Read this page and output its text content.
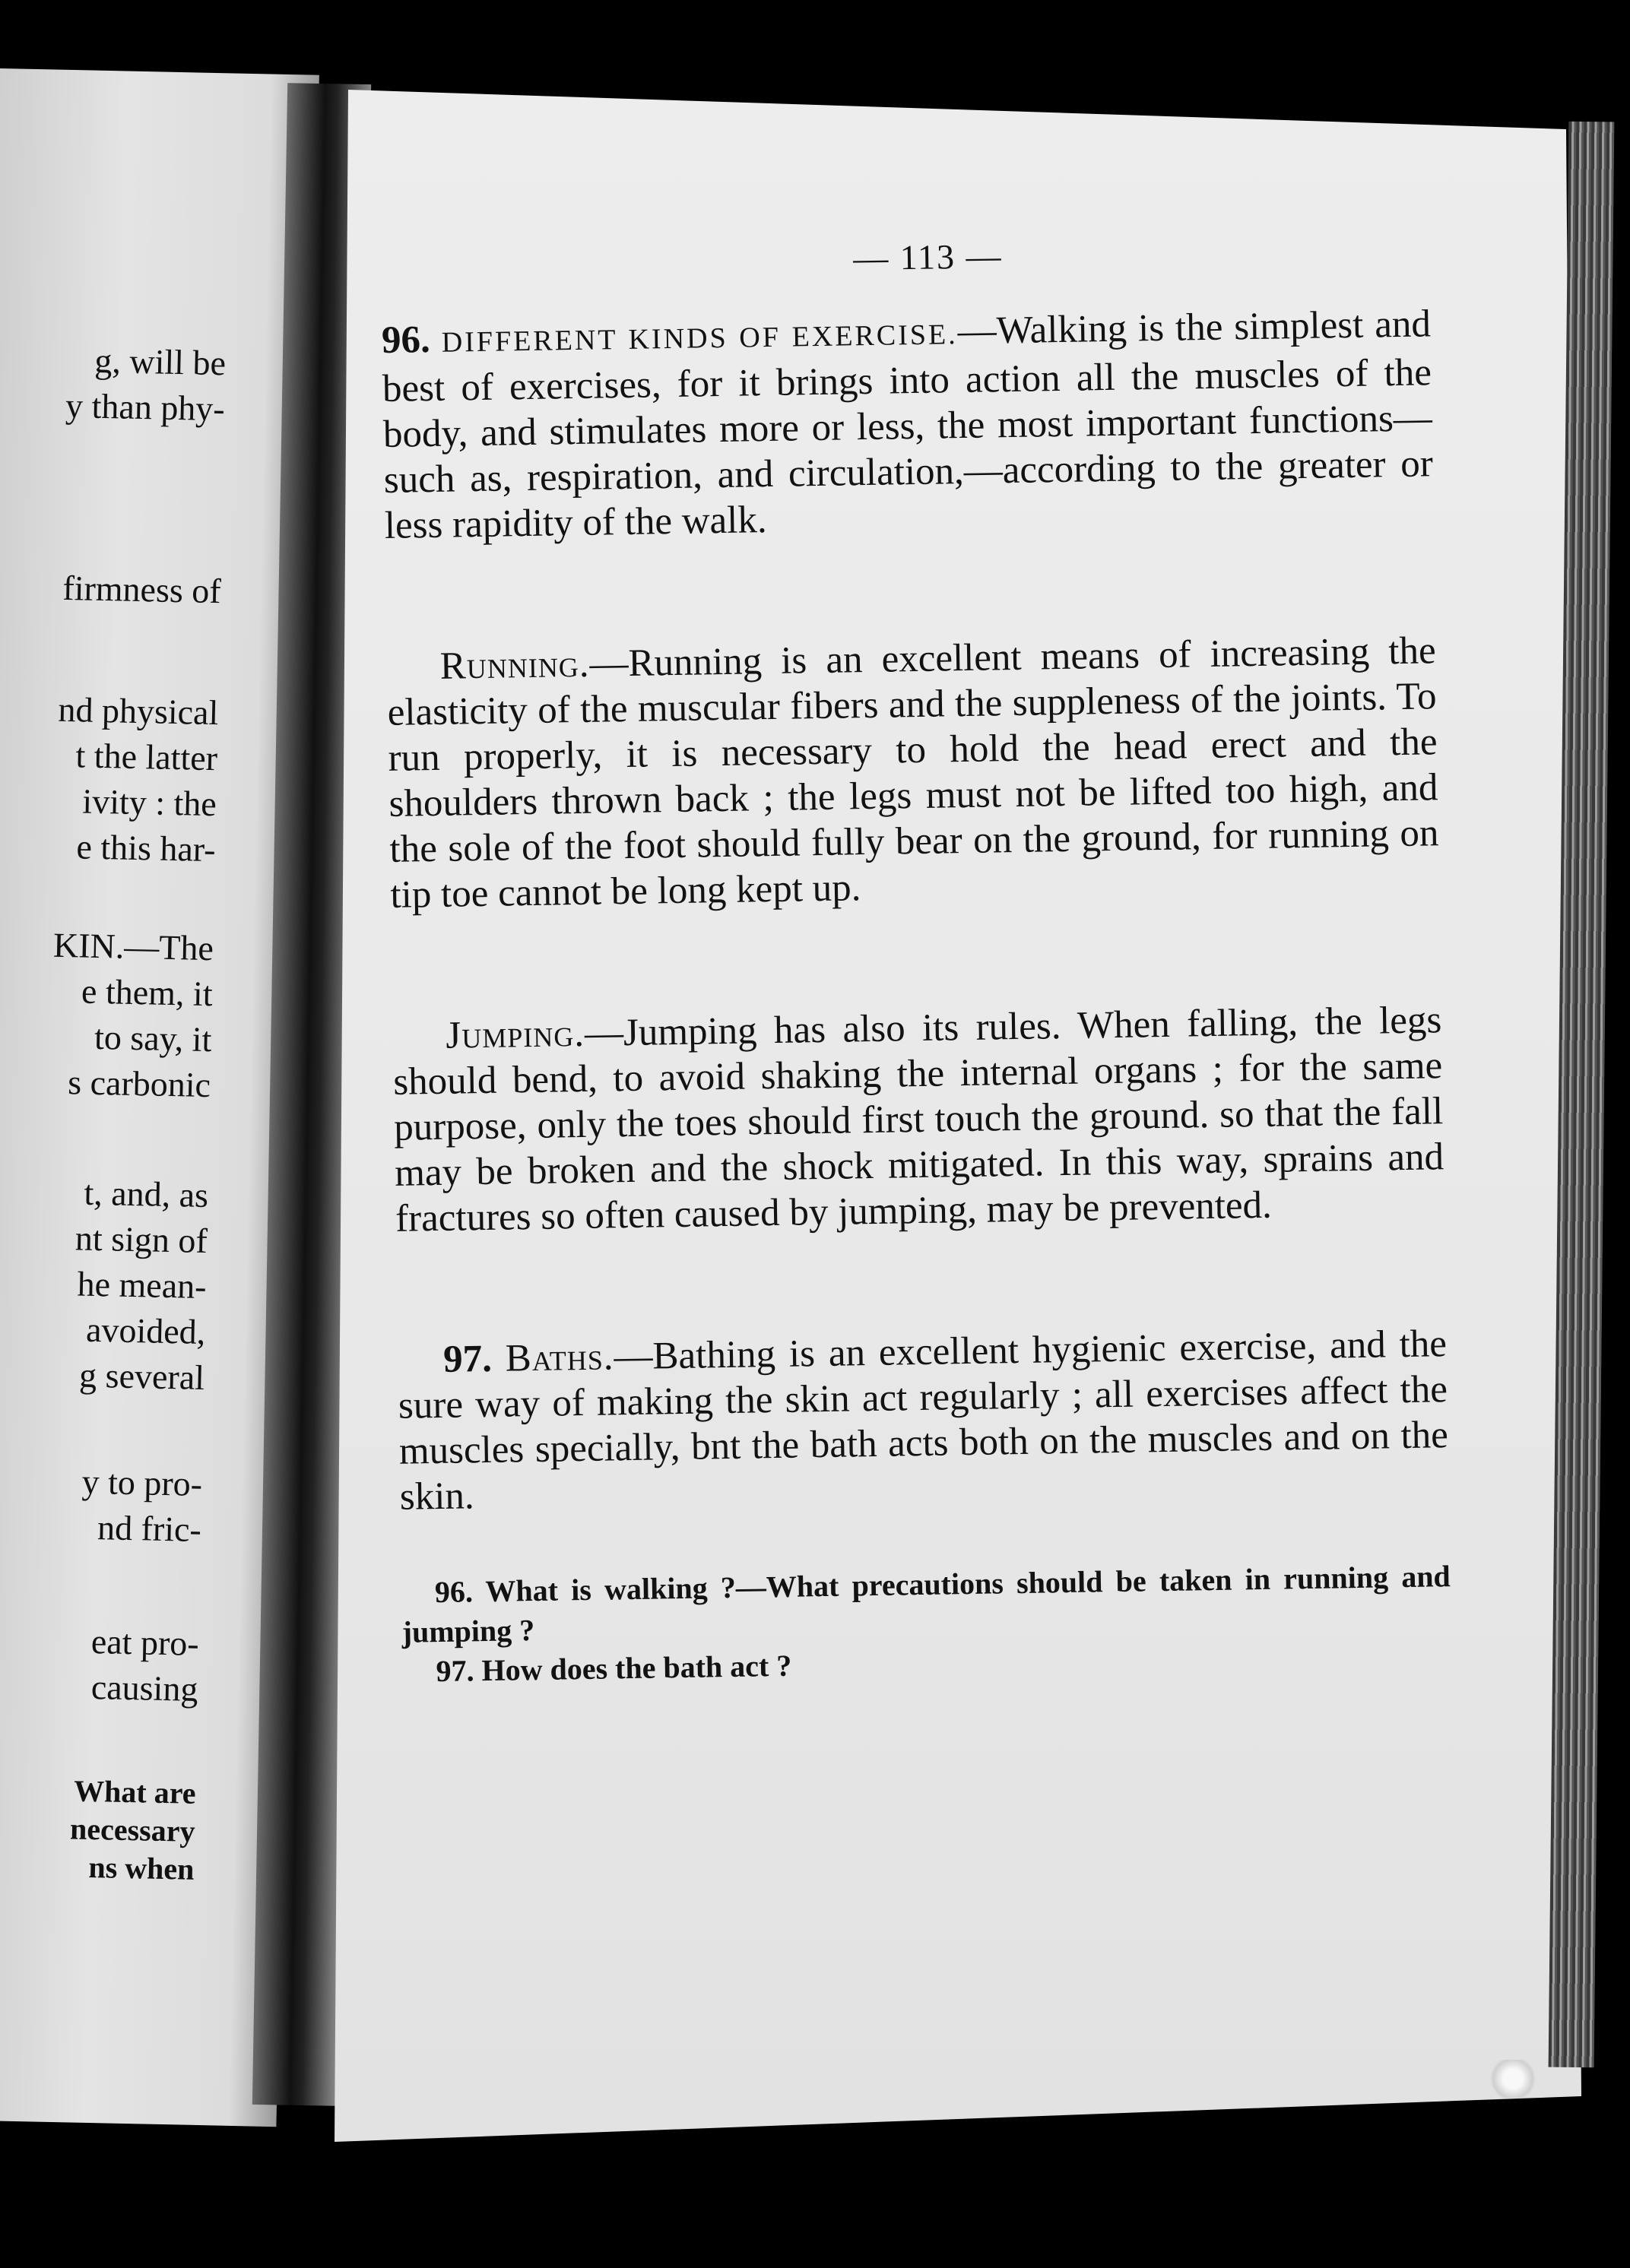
g, will be
y than phy-
firmness of
nd physical
t the latter
ivity : the
e this har-
KIN.—The
e them, it
to say, it
s carbonic
t, and, as
nt sign of
he mean-
avoided,
g several
y to pro-
nd fric-
eat pro-
causing
What are
necessary
ns when
— 113 —

96. DIFFERENT KINDS OF EXERCISE.—Walking is the simplest and best of exercises, for it brings into action all the muscles of the body, and stimulates more or less, the most important functions—such as, respiration, and circulation,—according to the greater or less rapidity of the walk.

Running.—Running is an excellent means of increasing the elasticity of the muscular fibers and the suppleness of the joints. To run properly, it is necessary to hold the head erect and the shoulders thrown back ; the legs must not be lifted too high, and the sole of the foot should fully bear on the ground, for running on tip toe cannot be long kept up.

Jumping.—Jumping has also its rules. When falling, the legs should bend, to avoid shaking the internal organs ; for the same purpose, only the toes should first touch the ground. so that the fall may be broken and the shock mitigated. In this way, sprains and fractures so often caused by jumping, may be prevented.

97. Baths.—Bathing is an excellent hygienic exercise, and the sure way of making the skin act regularly ; all exercises affect the muscles specially, bnt the bath acts both on the muscles and on the skin.

96. What is walking ?—What precautions should be taken in running and jumping ?
97. How does the bath act ?
